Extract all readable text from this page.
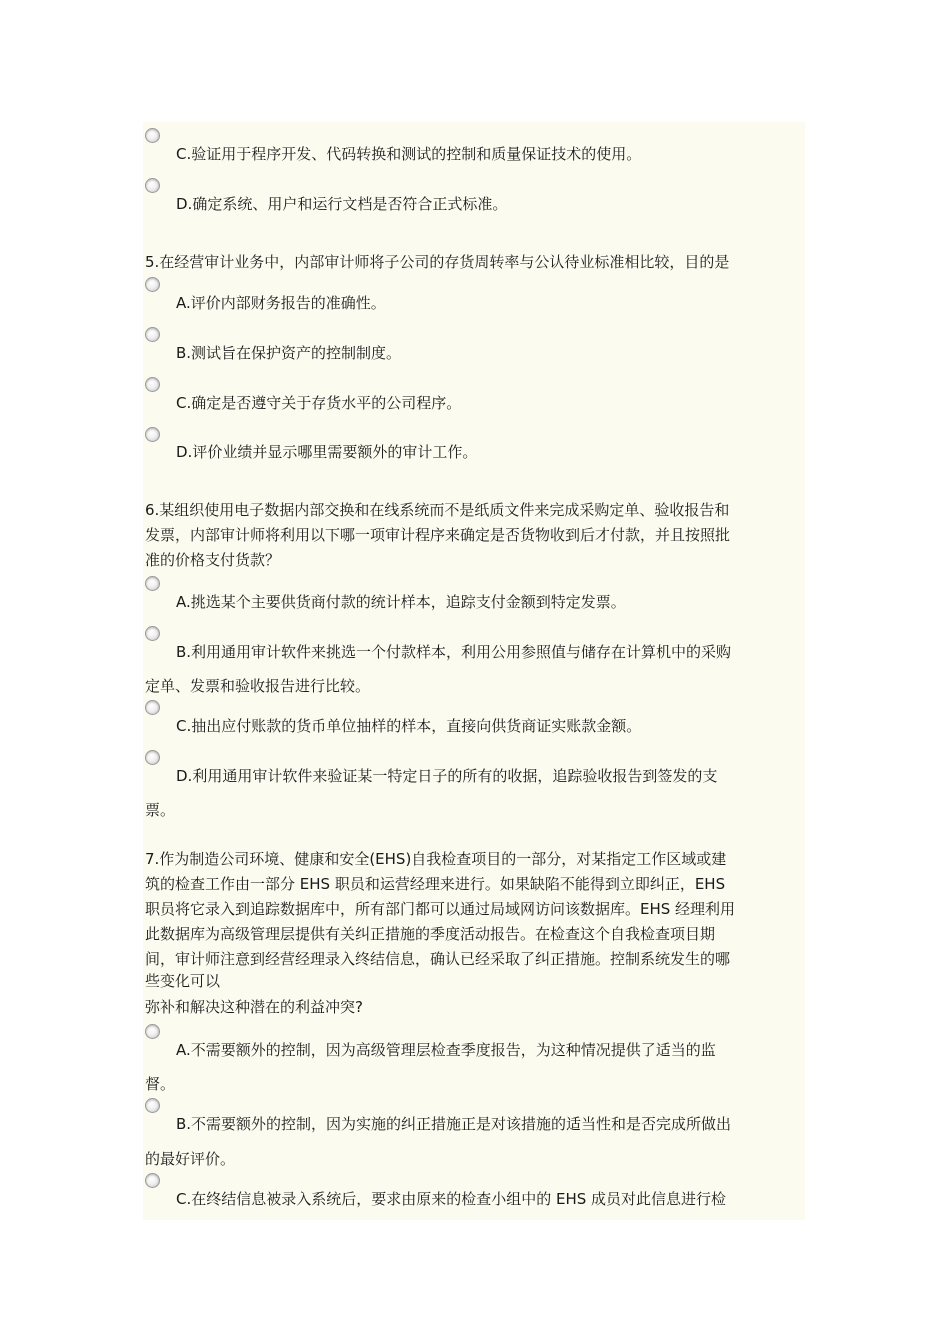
C.验证用于程序开发、代码转换和测试的控制和质量保证技术的使用。
D.确定系统、用户和运行文档是否符合正式标准。
5.在经营审计业务中，内部审计师将子公司的存货周转率与公认待业标准相比较，目的是
A.评价内部财务报告的准确性。
B.测试旨在保护资产的控制制度。
C.确定是否遵守关于存货水平的公司程序。
D.评价业绩并显示哪里需要额外的审计工作。
6.某组织使用电子数据内部交换和在线系统而不是纸质文件来完成采购定单、验收报告和
发票，内部审计师将利用以下哪一项审计程序来确定是否货物收到后才付款，并且按照批
准的价格支付货款？
A.挑选某个主要供货商付款的统计样本，追踪支付金额到特定发票。
B.利用通用审计软件来挑选一个付款样本，利用公用参照值与储存在计算机中的采购
定单、发票和验收报告进行比较。
C.抽出应付账款的货币单位抽样的样本，直接向供货商证实账款金额。
D.利用通用审计软件来验证某一特定日子的所有的收据，追踪验收报告到签发的支
票。
7.作为制造公司环境、健康和安全(EHS)自我检查项目的一部分，对某指定工作区域或建
筑的检查工作由一部分 EHS 职员和运营经理来进行。如果缺陷不能得到立即纠正，EHS
职员将它录入到追踪数据库中，所有部门都可以通过局域网访问该数据库。EHS 经理利用
此数据库为高级管理层提供有关纠正措施的季度活动报告。在检查这个自我检查项目期
间，审计师注意到经营经理录入终结信息，确认已经采取了纠正措施。控制系统发生的哪
些变化可以
弥补和解决这种潜在的利益冲突?
A.不需要额外的控制，因为高级管理层检查季度报告，为这种情况提供了适当的监
督。
B.不需要额外的控制，因为实施的纠正措施正是对该措施的适当性和是否完成所做出
的最好评价。
C.在终结信息被录入系统后，要求由原来的检查小组中的 EHS 成员对此信息进行检
